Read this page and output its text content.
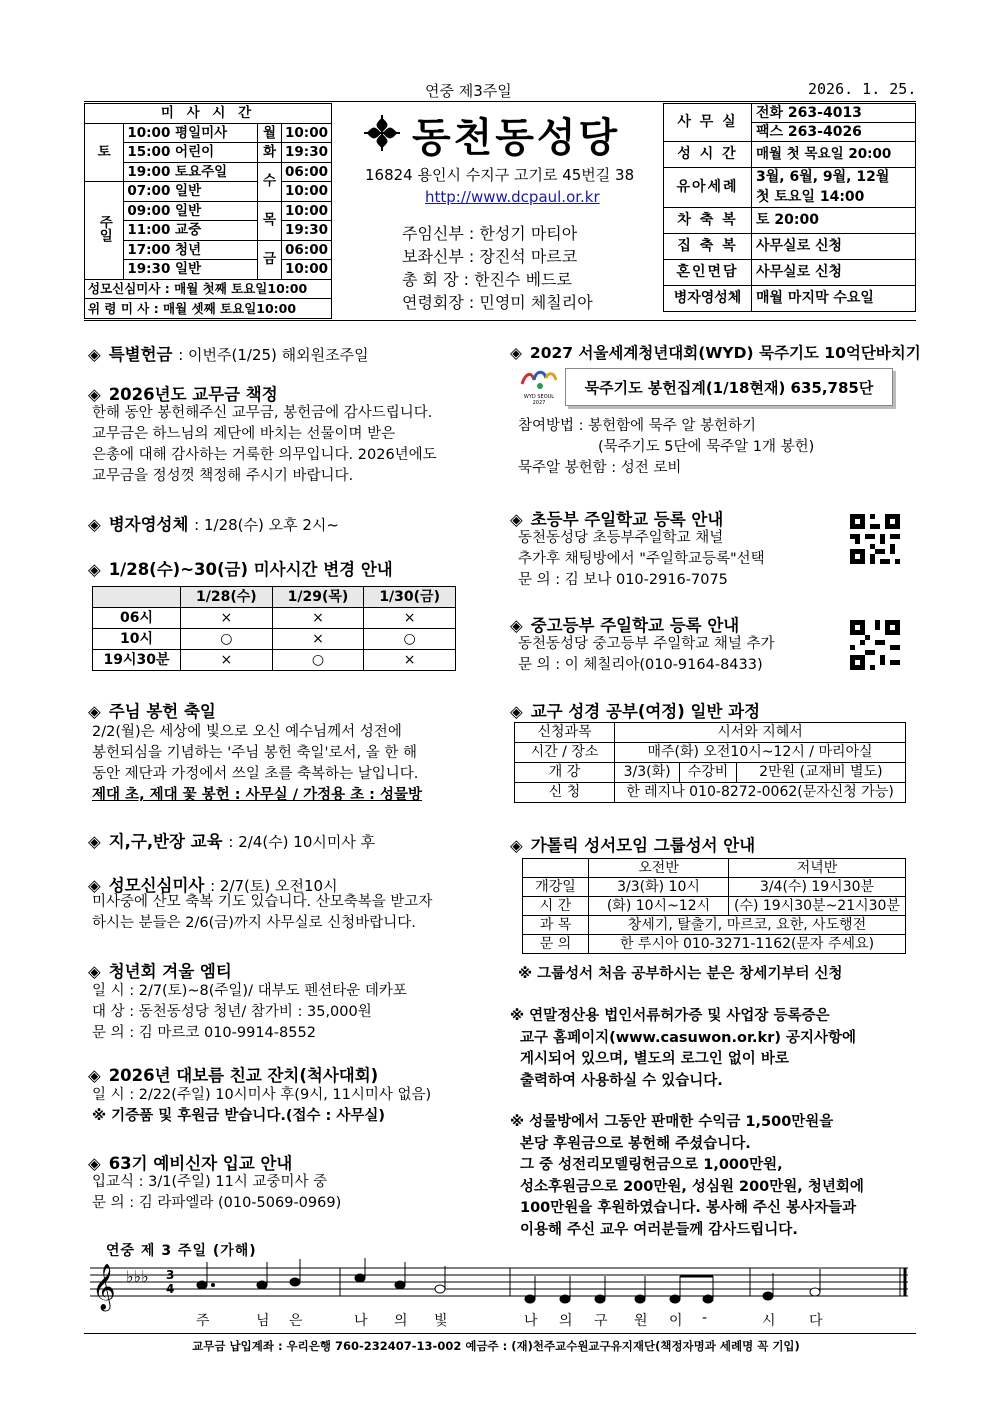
연중 제3주일	2026. 1. 25.
미 사 시 간			
토	10:00 평일미사	월	10:00
	15:00 어린이	화	19:30
	19:00 토요주일	수	06:00
주일	07:00 일반		10:00
	09:00 일반	목	10:00
	11:00 교중		19:30
	17:00 청년	금	06:00
	19:30 일반		10:00
성모신심미사 : 매월 첫째 토요일10:00			
위 령 미 사 : 매월 셋째 토요일10:00			
동천동성당
16824 용인시 수지구 고기로 45번길 38
http://www.dcpaul.or.kr
주임신부 : 한성기 마티아
보좌신부 : 장진석 마르코
총 회 장 : 한진수 베드로
연령회장 : 민영미 체칠리아
사 무 실	전화 263-4013
	팩스 263-4026
성 시 간	매월 첫 목요일 20:00
유아세례	3월, 6월, 9월, 12월
	첫 토요일 14:00
차 축 복	토 20:00
집 축 복	사무실로 신청
혼인면담	사무실로 신청
병자영성체	매월 마지막 수요일
◈ 특별헌금 : 이번주(1/25) 해외원조주일
◈ 2026년도 교무금 책정
한해 동안 봉헌해주신 교무금, 봉헌금에 감사드립니다.
교무금은 하느님의 제단에 바치는 선물이며 받은
은총에 대해 감사하는 거룩한 의무입니다. 2026년에도
교무금을 정성껏 책정해 주시기 바랍니다.
◈ 병자영성체 : 1/28(수) 오후 2시~
◈ 1/28(수)~30(금) 미사시간 변경 안내
	1/28(수)	1/29(목)	1/30(금)
06시	×	×	×
10시	○	×	○
19시30분	×	○	×
◈ 주님 봉헌 축일
2/2(월)은 세상에 빛으로 오신 예수님께서 성전에
봉헌되심을 기념하는 '주님 봉헌 축일'로서, 올 한 해
동안 제단과 가정에서 쓰일 초를 축복하는 날입니다.
제대 초, 제대 꽃 봉헌 : 사무실 / 가정용 초 : 성물방
◈ 지,구,반장 교육 : 2/4(수) 10시미사 후
◈ 성모신심미사 : 2/7(토) 오전10시
미사중에 산모 축복 기도 있습니다. 산모축복을 받고자
하시는 분들은 2/6(금)까지 사무실로 신청바랍니다.
◈ 청년회 겨울 엠티
일 시 : 2/7(토)~8(주일)/ 대부도 펜션타운 데카포
대 상 : 동천동성당 청년/ 참가비 : 35,000원
문 의 : 김 마르코 010-9914-8552
◈ 2026년 대보름 친교 잔치(척사대회)
일 시 : 2/22(주일) 10시미사 후(9시, 11시미사 없음)
※ 기증품 및 후원금 받습니다.(접수 : 사무실)
◈ 63기 예비신자 입교 안내
입교식 : 3/1(주일) 11시 교중미사 중
문 의 : 김 라파엘라 (010-5069-0969)
◈ 2027 서울세계청년대회(WYD) 묵주기도 10억단바치기
WYD SEOUL 2027
묵주기도 봉헌집계(1/18현재) 635,785단
참여방법 : 봉헌함에 묵주 알 봉헌하기
(묵주기도 5단에 묵주알 1개 봉헌)
묵주알 봉헌함 : 성전 로비
◈ 초등부 주일학교 등록 안내
동천동성당 초등부주일학교 채널
추가후 채팅방에서 "주일학교등록"선택
문 의 : 김 보나 010-2916-7075
◈ 중고등부 주일학교 등록 안내
동천동성당 중고등부 주일학교 채널 추가
문 의 : 이 체칠리아(010-9164-8433)
◈ 교구 성경 공부(여정) 일반 과정
신청과목	시서와 지혜서		
시간 / 장소	매주(화) 오전10시~12시 / 마리아실		
개 강	3/3(화)	수강비	2만원 (교재비 별도)
신 청	한 레지나 010-8272-0062(문자신청 가능)		
◈ 가톨릭 성서모임 그룹성서 안내
	오전반	저녁반
개강일	3/3(화) 10시	3/4(수) 19시30분
시 간	(화) 10시~12시	(수) 19시30분~21시30분
과 목	창세기, 탈출기, 마르코, 요한, 사도행전	
문 의	한 루시아 010-3271-1162(문자 주세요)	
※ 그룹성서 처음 공부하시는 분은 창세기부터 신청
※ 연말정산용 법인서류허가증 및 사업장 등록증은
교구 홈페이지(www.casuwon.or.kr) 공지사항에
게시되어 있으며, 별도의 로그인 없이 바로
출력하여 사용하실 수 있습니다.
※ 성물방에서 그동안 판매한 수익금 1,500만원을
본당 후원금으로 봉헌해 주셨습니다.
그 중 성전리모델링헌금으로 1,000만원,
성소후원금으로 200만원, 성심원 200만원, 청년회에
100만원을 후원하였습니다. 봉사해 주신 봉사자들과
이용해 주신 교우 여러분들께 감사드립니다.
연중 제 3 주일 (가해)
𝄞 ♭♭♭ 3
4
주	님 은	나 의 빛	나 의 구 원 이 -	시 다
교무금 납입계좌 : 우리은행 760-232407-13-002 예금주 : (재)천주교수원교구유지재단(책정자명과 세례명 꼭 기입)
